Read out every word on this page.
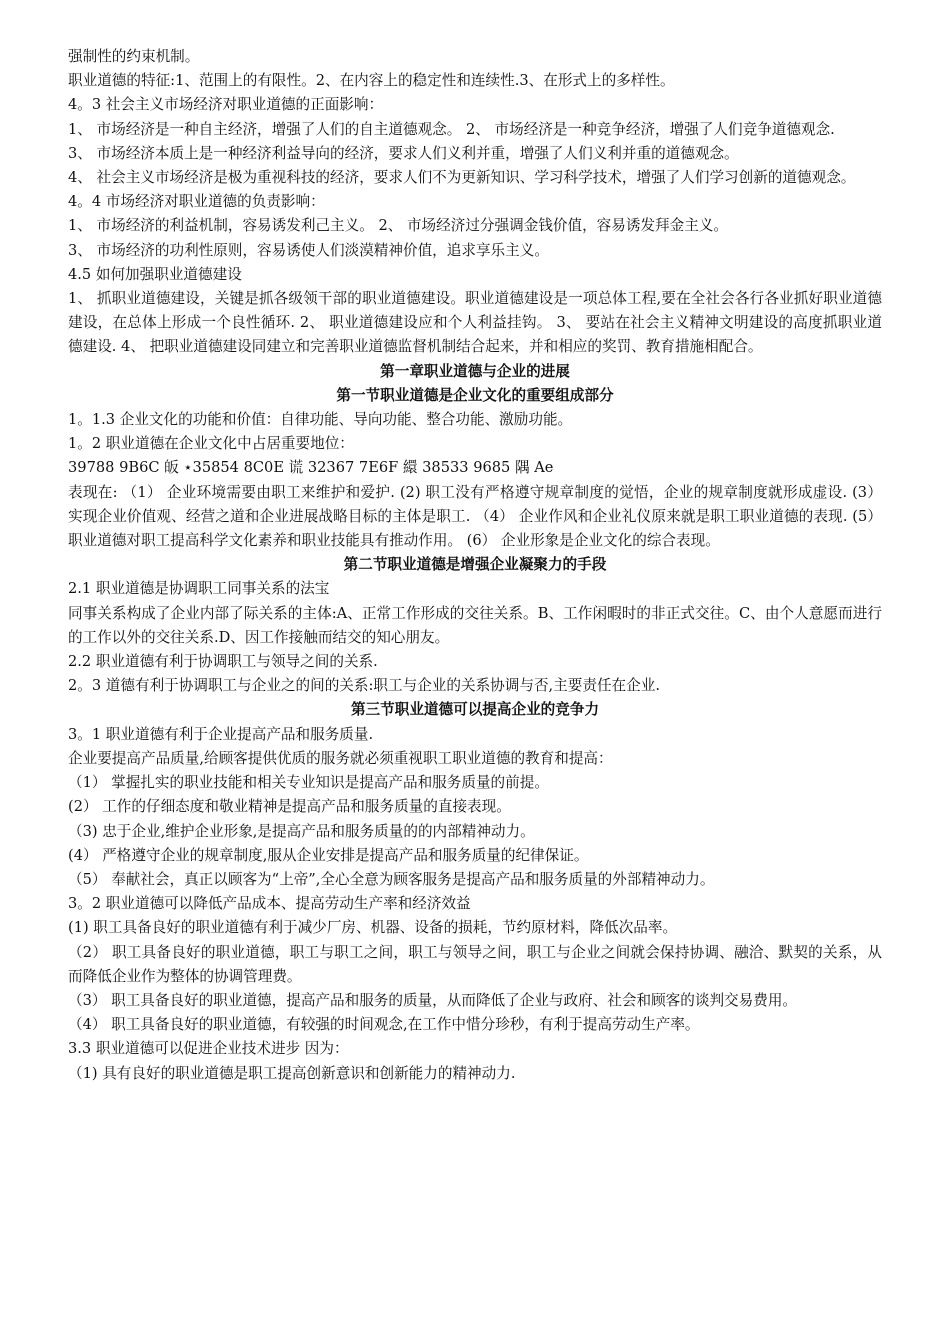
强制性的约束机制。

职业道德的特征:1、范围上的有限性。2、在内容上的稳定性和连续性.3、在形式上的多样性。

4。3 社会主义市场经济对职业道德的正面影响：

1、 市场经济是一种自主经济，增强了人们的自主道德观念。 2、 市场经济是一种竞争经济，增强了人们竞争道德观念.

3、 市场经济本质上是一种经济利益导向的经济，要求人们义利并重，增强了人们义利并重的道德观念。

4、 社会主义市场经济是极为重视科技的经济，要求人们不为更新知识、学习科学技术，增强了人们学习创新的道德观念。

4。4 市场经济对职业道德的负责影响：

1、 市场经济的利益机制，容易诱发利己主义。 2、 市场经济过分强调金钱价值，容易诱发拜金主义。

3、 市场经济的功利性原则，容易诱使人们淡漠精神价值，追求享乐主义。

4.5 如何加强职业道德建设

1、 抓职业道德建设，关键是抓各级领干部的职业道德建设。职业道德建设是一项总体工程,要在全社会各行各业抓好职业道德建设，在总体上形成一个良性循环. 2、 职业道德建设应和个人利益挂钩。 3、 要站在社会主义精神文明建设的高度抓职业道德建设. 4、 把职业道德建设同建立和完善职业道德监督机制结合起来，并和相应的奖罚、教育措施相配合。

第一章职业道德与企业的进展

第一节职业道德是企业文化的重要组成部分

1。1.3 企业文化的功能和价值：自律功能、导向功能、整合功能、激励功能。

1。2 职业道德在企业文化中占居重要地位：

39788 9B6C 皈 ⋆35854 8C0E 谎 32367 7E6F 繯 38533 9685 隅 Ae

表现在: （1） 企业环境需要由职工来维护和爱护. (2) 职工没有严格遵守规章制度的觉悟，企业的规章制度就形成虚设. (3） 实现企业价值观、经营之道和企业进展战略目标的主体是职工. （4） 企业作风和企业礼仪原来就是职工职业道德的表现. (5） 职业道德对职工提高科学文化素养和职业技能具有推动作用。 (6） 企业形象是企业文化的综合表现。

第二节职业道德是增强企业凝聚力的手段

2.1 职业道德是协调职工同事关系的法宝

同事关系构成了企业内部了际关系的主体:A、正常工作形成的交往关系。B、工作闲暇时的非正式交往。C、由个人意愿而进行的工作以外的交往关系.D、因工作接触而结交的知心朋友。

2.2 职业道德有利于协调职工与领导之间的关系.

2。3 道德有利于协调职工与企业之的间的关系:职工与企业的关系协调与否,主要责任在企业.

第三节职业道德可以提高企业的竞争力

3。1 职业道德有利于企业提高产品和服务质量.

企业要提高产品质量,给顾客提供优质的服务就必须重视职工职业道德的教育和提高：

（1） 掌握扎实的职业技能和相关专业知识是提高产品和服务质量的前提。

(2） 工作的仔细态度和敬业精神是提高产品和服务质量的直接表现。

（3) 忠于企业,维护企业形象,是提高产品和服务质量的的内部精神动力。

(4） 严格遵守企业的规章制度,服从企业安排是提高产品和服务质量的纪律保证。

（5） 奉献社会，真正以顾客为“上帝”,全心全意为顾客服务是提高产品和服务质量的外部精神动力。

3。2 职业道德可以降低产品成本、提高劳动生产率和经济效益

(1) 职工具备良好的职业道德有利于减少厂房、机器、设备的损耗，节约原材料，降低次品率。

（2） 职工具备良好的职业道德，职工与职工之间，职工与领导之间，职工与企业之间就会保持协调、融洽、默契的关系，从而降低企业作为整体的协调管理费。

（3） 职工具备良好的职业道德，提高产品和服务的质量，从而降低了企业与政府、社会和顾客的谈判交易费用。

（4） 职工具备良好的职业道德，有较强的时间观念,在工作中惜分珍秒，有利于提高劳动生产率。

3.3 职业道德可以促进企业技术进步 因为：

（1) 具有良好的职业道德是职工提高创新意识和创新能力的精神动力.
